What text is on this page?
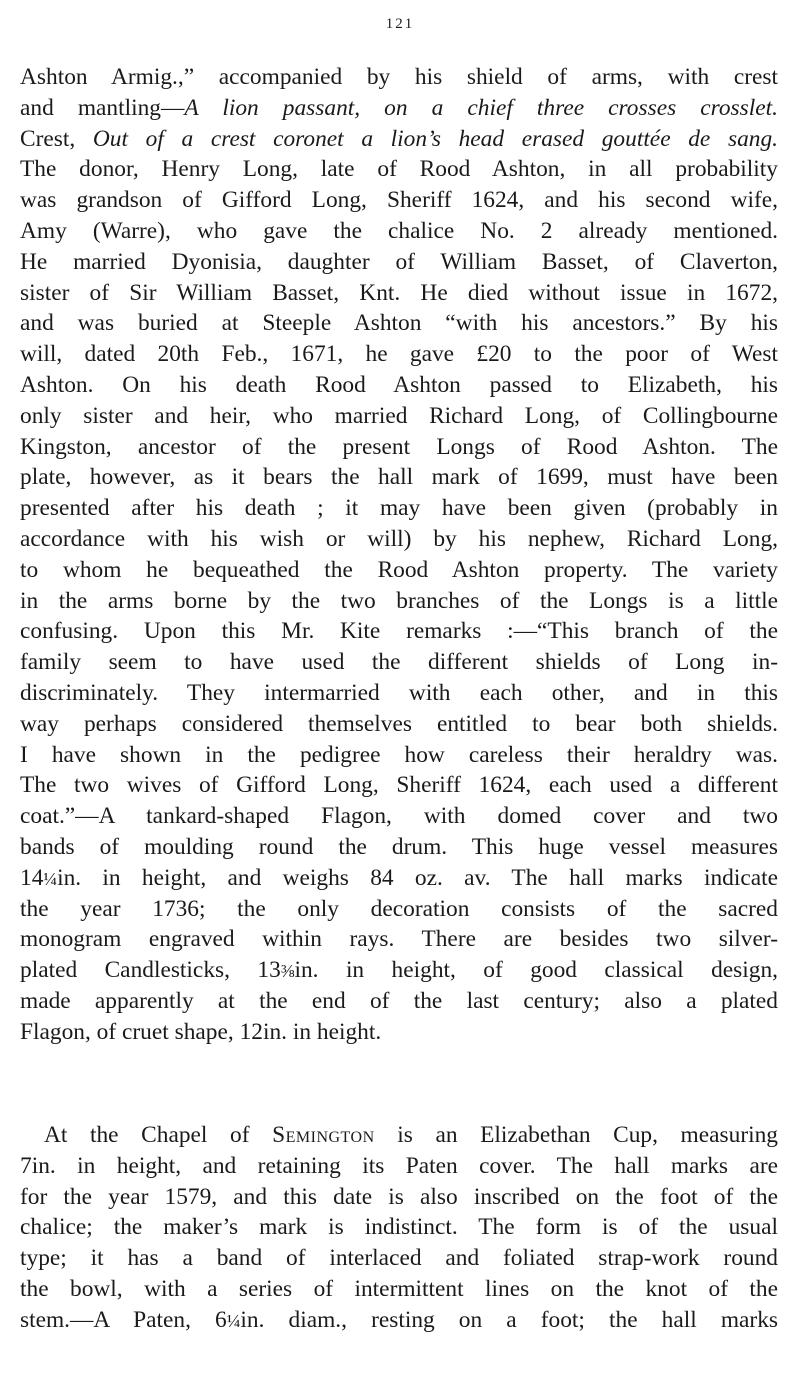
121
Ashton Armig.,” accompanied by his shield of arms, with crest
and mantling—A lion passant, on a chief three crosses crosslet.
Crest, Out of a crest coronet a lion’s head erased gouttée de sang.
The donor, Henry Long, late of Rood Ashton, in all probability
was grandson of Gifford Long, Sheriff 1624, and his second wife,
Amy (Warre), who gave the chalice No. 2 already mentioned.
He married Dyonisia, daughter of William Basset, of Claverton,
sister of Sir William Basset, Knt. He died without issue in 1672,
and was buried at Steeple Ashton “with his ancestors.” By his
will, dated 20th Feb., 1671, he gave £20 to the poor of West
Ashton. On his death Rood Ashton passed to Elizabeth, his
only sister and heir, who married Richard Long, of Collingbourne
Kingston, ancestor of the present Longs of Rood Ashton. The
plate, however, as it bears the hall mark of 1699, must have been
presented after his death ; it may have been given (probably in
accordance with his wish or will) by his nephew, Richard Long,
to whom he bequeathed the Rood Ashton property. The variety
in the arms borne by the two branches of the Longs is a little
confusing. Upon this Mr. Kite remarks :—“This branch of the
family seem to have used the different shields of Long in-
discriminately. They intermarried with each other, and in this
way perhaps considered themselves entitled to bear both shields.
I have shown in the pedigree how careless their heraldry was.
The two wives of Gifford Long, Sheriff 1624, each used a different
coat.”—A tankard-shaped Flagon, with domed cover and two
bands of moulding round the drum. This huge vessel measures
14¼in. in height, and weighs 84 oz. av. The hall marks indicate
the year 1736; the only decoration consists of the sacred
monogram engraved within rays. There are besides two silver-
plated Candlesticks, 13⅜in. in height, of good classical design,
made apparently at the end of the last century; also a plated
Flagon, of cruet shape, 12in. in height.
At the Chapel of Semington is an Elizabethan Cup, measuring
7in. in height, and retaining its Paten cover. The hall marks are
for the year 1579, and this date is also inscribed on the foot of the
chalice; the maker’s mark is indistinct. The form is of the usual
type; it has a band of interlaced and foliated strap-work round
the bowl, with a series of intermittent lines on the knot of the
stem.—A Paten, 6¼in. diam., resting on a foot; the hall marks
